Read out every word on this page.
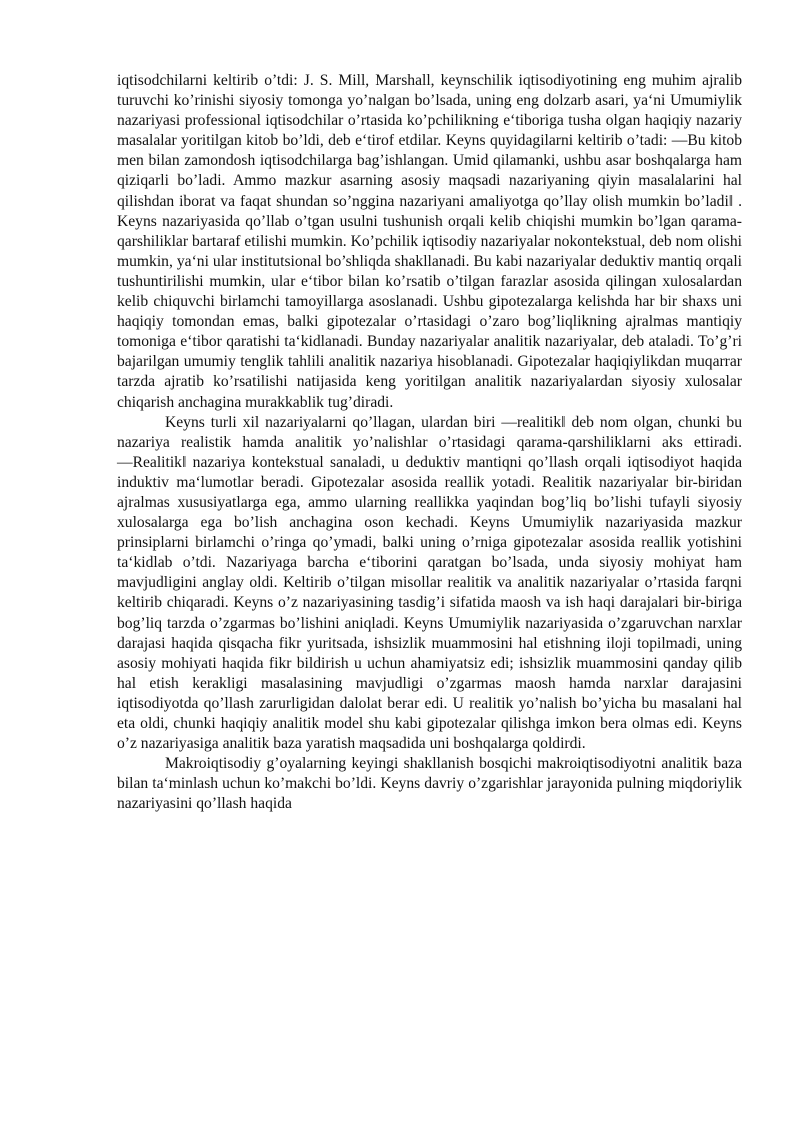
iqtisodchilarni keltirib o’tdi: J. S. Mill, Marshall, keynschilik iqtisodiyotining eng muhim ajralib turuvchi ko’rinishi siyosiy tomonga yo’nalgan bo’lsada, uning eng dolzarb asari, ya‘ni Umumiylik nazariyasi professional iqtisodchilar o’rtasida ko’pchilikning e‘tiboriga tusha olgan haqiqiy nazariy masalalar yoritilgan kitob bo’ldi, deb e‘tirof etdilar. Keyns quyidagilarni keltirib o’tadi: ―Bu kitob men bilan zamondosh iqtisodchilarga bag’ishlangan. Umid qilamanki, ushbu asar boshqalarga ham qiziqarli bo’ladi. Ammo mazkur asarning asosiy maqsadi nazariyaning qiyin masalalarini hal qilishdan iborat va faqat shundan so’nggina nazariyani amaliyotga qo’llay olish mumkin bo’ladi‖ . Keyns nazariyasida qo’llab o’tgan usulni tushunish orqali kelib chiqishi mumkin bo’lgan qarama-qarshiliklar bartaraf etilishi mumkin. Ko’pchilik iqtisodiy nazariyalar nokontekstual, deb nom olishi mumkin, ya‘ni ular institutsional bo’shliqda shakllanadi. Bu kabi nazariyalar deduktiv mantiq orqali tushuntirilishi mumkin, ular e‘tibor bilan ko’rsatib o’tilgan farazlar asosida qilingan xulosalardan kelib chiquvchi birlamchi tamoyillarga asoslanadi. Ushbu gipotezalarga kelishda har bir shaxs uni haqiqiy tomondan emas, balki gipotezalar o’rtasidagi o’zaro bog’liqlikning ajralmas mantiqiy tomoniga e‘tibor qaratishi ta‘kidlanadi. Bunday nazariyalar analitik nazariyalar, deb ataladi. To’g’ri bajarilgan umumiy tenglik tahlili analitik nazariya hisoblanadi. Gipotezalar haqiqiylikdan muqarrar tarzda ajratib ko’rsatilishi natijasida keng yoritilgan analitik nazariyalardan siyosiy xulosalar chiqarish anchagina murakkablik tug’diradi.

Keyns turli xil nazariyalarni qo’llagan, ulardan biri ―realitik‖ deb nom olgan, chunki bu nazariya realistik hamda analitik yo’nalishlar o’rtasidagi qarama-qarshiliklarni aks ettiradi. ―Realitik‖ nazariya kontekstual sanaladi, u deduktiv mantiqni qo’llash orqali iqtisodiyot haqida induktiv ma‘lumotlar beradi. Gipotezalar asosida reallik yotadi. Realitik nazariyalar bir-biridan ajralmas xususiyatlarga ega, ammo ularning reallikka yaqindan bog’liq bo’lishi tufayli siyosiy xulosalarga ega bo’lish anchagina oson kechadi. Keyns Umumiylik nazariyasida mazkur prinsiplarni birlamchi o’ringa qo’ymadi, balki uning o’rniga gipotezalar asosida reallik yotishini ta‘kidlab o’tdi. Nazariyaga barcha e‘tiborini qaratgan bo’lsada, unda siyosiy mohiyat ham mavjudligini anglay oldi. Keltirib o’tilgan misollar realitik va analitik nazariyalar o’rtasida farqni keltirib chiqaradi. Keyns o’z nazariyasining tasdig’i sifatida maosh va ish haqi darajalari bir-biriga bog’liq tarzda o’zgarmas bo’lishini aniqladi. Keyns Umumiylik nazariyasida o’zgaruvchan narxlar darajasi haqida qisqacha fikr yuritsada, ishsizlik muammosini hal etishning iloji topilmadi, uning asosiy mohiyati haqida fikr bildirish u uchun ahamiyatsiz edi; ishsizlik muammosini qanday qilib hal etish kerakligi masalasining mavjudligi o’zgarmas maosh hamda narxlar darajasini iqtisodiyotda qo’llash zarurligidan dalolat berar edi. U realitik yo’nalish bo’yicha bu masalani hal eta oldi, chunki haqiqiy analitik model shu kabi gipotezalar qilishga imkon bera olmas edi. Keyns o’z nazariyasiga analitik baza yaratish maqsadida uni boshqalarga qoldirdi.

Makroiqtisodiy g’oyalarning keyingi shakllanish bosqichi makroiqtisodiyotni analitik baza bilan ta‘minlash uchun ko’makchi bo’ldi. Keyns davriy o’zgarishlar jarayonida pulning miqdoriylik nazariyasini qo’llash haqida
